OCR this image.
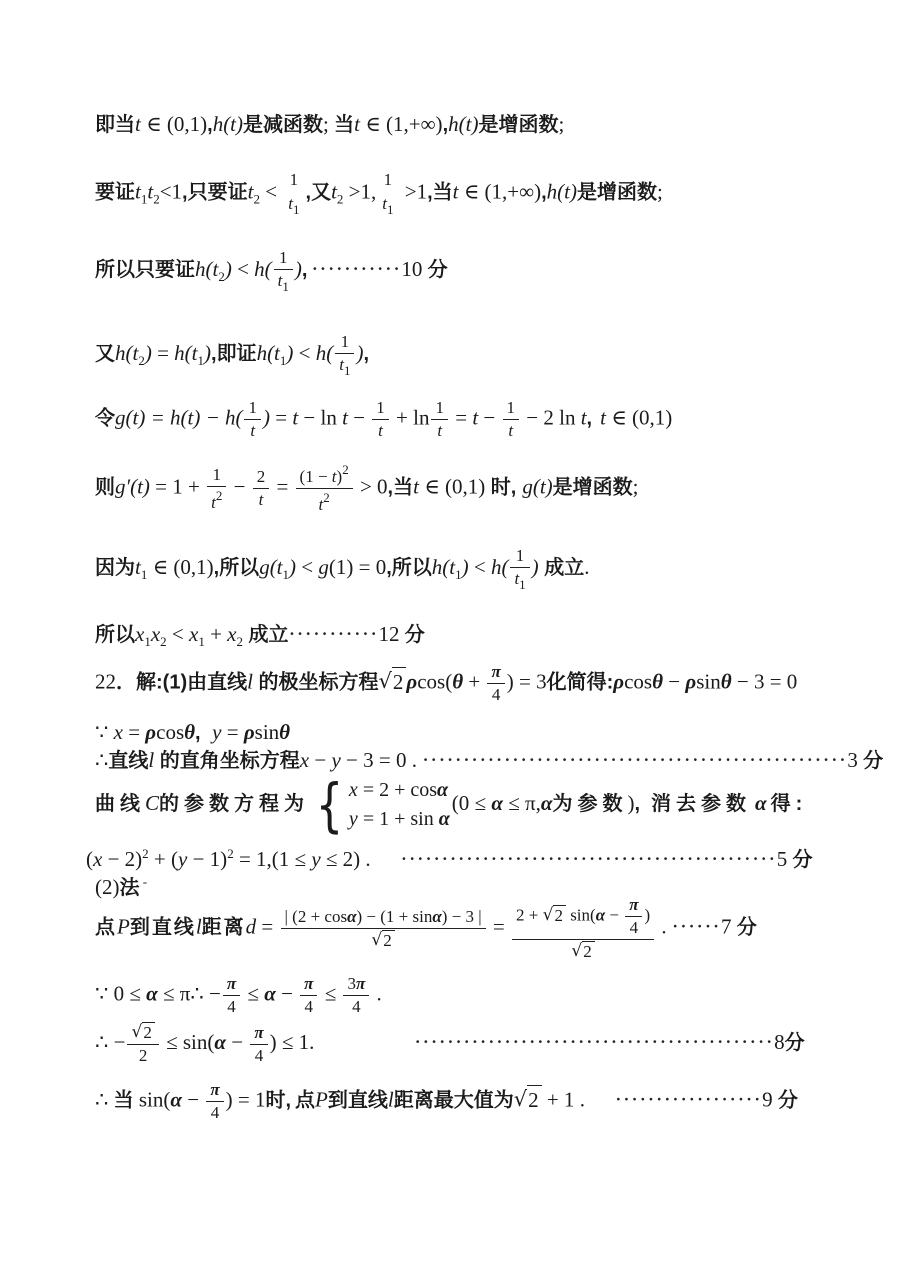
即当t ∈ (0,1),h(t)是减函数; 当t ∈ (1,+∞),h(t)是增函数;
要证$t_1t_2<1$,只要证$t_2 < 1$
$t_1$
,又$t_2 >1$, 1
$t_1$
>1,当t ∈ (1,+∞),h(t)是增函数;
所以只要证$h(t_2) < h( \frac{1}{t_1}$ ), ···········10 分
又$h(t_2) = h(t_1)$,即证$h(t_1) < h( \frac{1}{t_1}$ ),
令$g(t) = h(t) - h( \frac{1}{t}$ ) = $t - \ln t - \frac{1}{t} + \ln \frac{1}{t} = t - \frac{1}{t} - 2$ ln t, t ∈ (0,1)
则$g'(t) = 1 + \frac{1}{t^2} - \frac{2}{t} = \frac{(1 - t)^2}{t^2} > 0$,当t ∈ (0,1) 时, g(t)是增函数;
因为$t_1$ ∈ (0,1),所以$g(t_1) < g(1) = 0$,所以$h(t_1) < h( \frac{1}{t_1}$ ) 成立.
所以$x_1x_2 < x_1 + x_2$ 成立···········12 分
22．解:(1)由直线l 的极坐标方程 √ 2 $\rho\cos(\theta + \frac{\pi}{4}$ ) = 3化简得:ρcosθ − ρsinθ − 3 = 0
∵ x = ρcosθ, y = ρsinθ
∴直线l 的直角坐标方程x − y − 3 = 0 . ····················································3 分
曲线C的参数方程为 { x = 2 + cosα
y = 1 + sin α
(0 ≤ α ≤ π,α为参数), 消去参数 α 得:
$(x - 2)^2 + (y - 1)^2 = 1,(1 \le y \le 2)$ . ··············································5 分
(2)法 -
点P到直线l距离$d = \frac{| (2 + \cos\alpha) - (1 + \sin\alpha) - 3 |}{√ 2} = \frac{2 + √ 2 \sin(\alpha - \frac{\pi}{4} )}{√ 2}$ . ······7 分
∵ 0 ≤ α ≤ π∴ − $\frac{\pi}{4} \le \alpha - \frac{\pi}{4} \le \frac{3\pi}{4}$ .
∴ − $\frac{√ 2}{2} \le \sin(\alpha - \frac{\pi}{4}$ ) ≤ 1.	············································8分
∴ 当 $\sin(\alpha - \frac{\pi}{4}$ ) = 1时, 点P到直线l距离最大值为 √ 2 + 1 . ··················9 分
